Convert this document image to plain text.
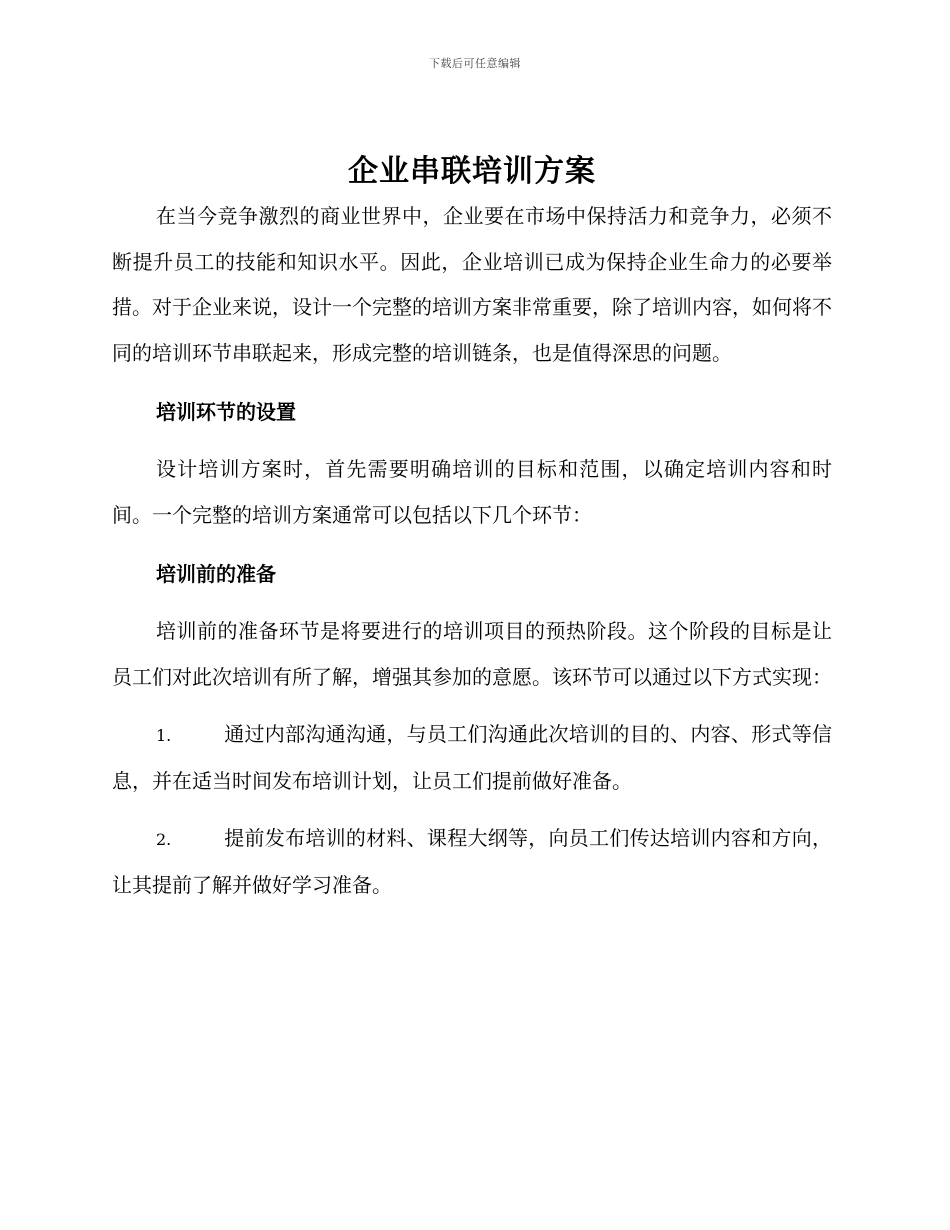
下载后可任意编辑
企业串联培训方案

在当今竞争激烈的商业世界中，企业要在市场中保持活力和竞争力，必须不断提升员工的技能和知识水平。因此，企业培训已成为保持企业生命力的必要举措。对于企业来说，设计一个完整的培训方案非常重要，除了培训内容，如何将不同的培训环节串联起来，形成完整的培训链条，也是值得深思的问题。

培训环节的设置

设计培训方案时，首先需要明确培训的目标和范围，以确定培训内容和时间。一个完整的培训方案通常可以包括以下几个环节：

培训前的准备

培训前的准备环节是将要进行的培训项目的预热阶段。这个阶段的目标是让员工们对此次培训有所了解，增强其参加的意愿。该环节可以通过以下方式实现：

1.	通过内部沟通沟通，与员工们沟通此次培训的目的、内容、形式等信息，并在适当时间发布培训计划，让员工们提前做好准备。

2.	提前发布培训的材料、课程大纲等，向员工们传达培训内容和方向，让其提前了解并做好学习准备。
